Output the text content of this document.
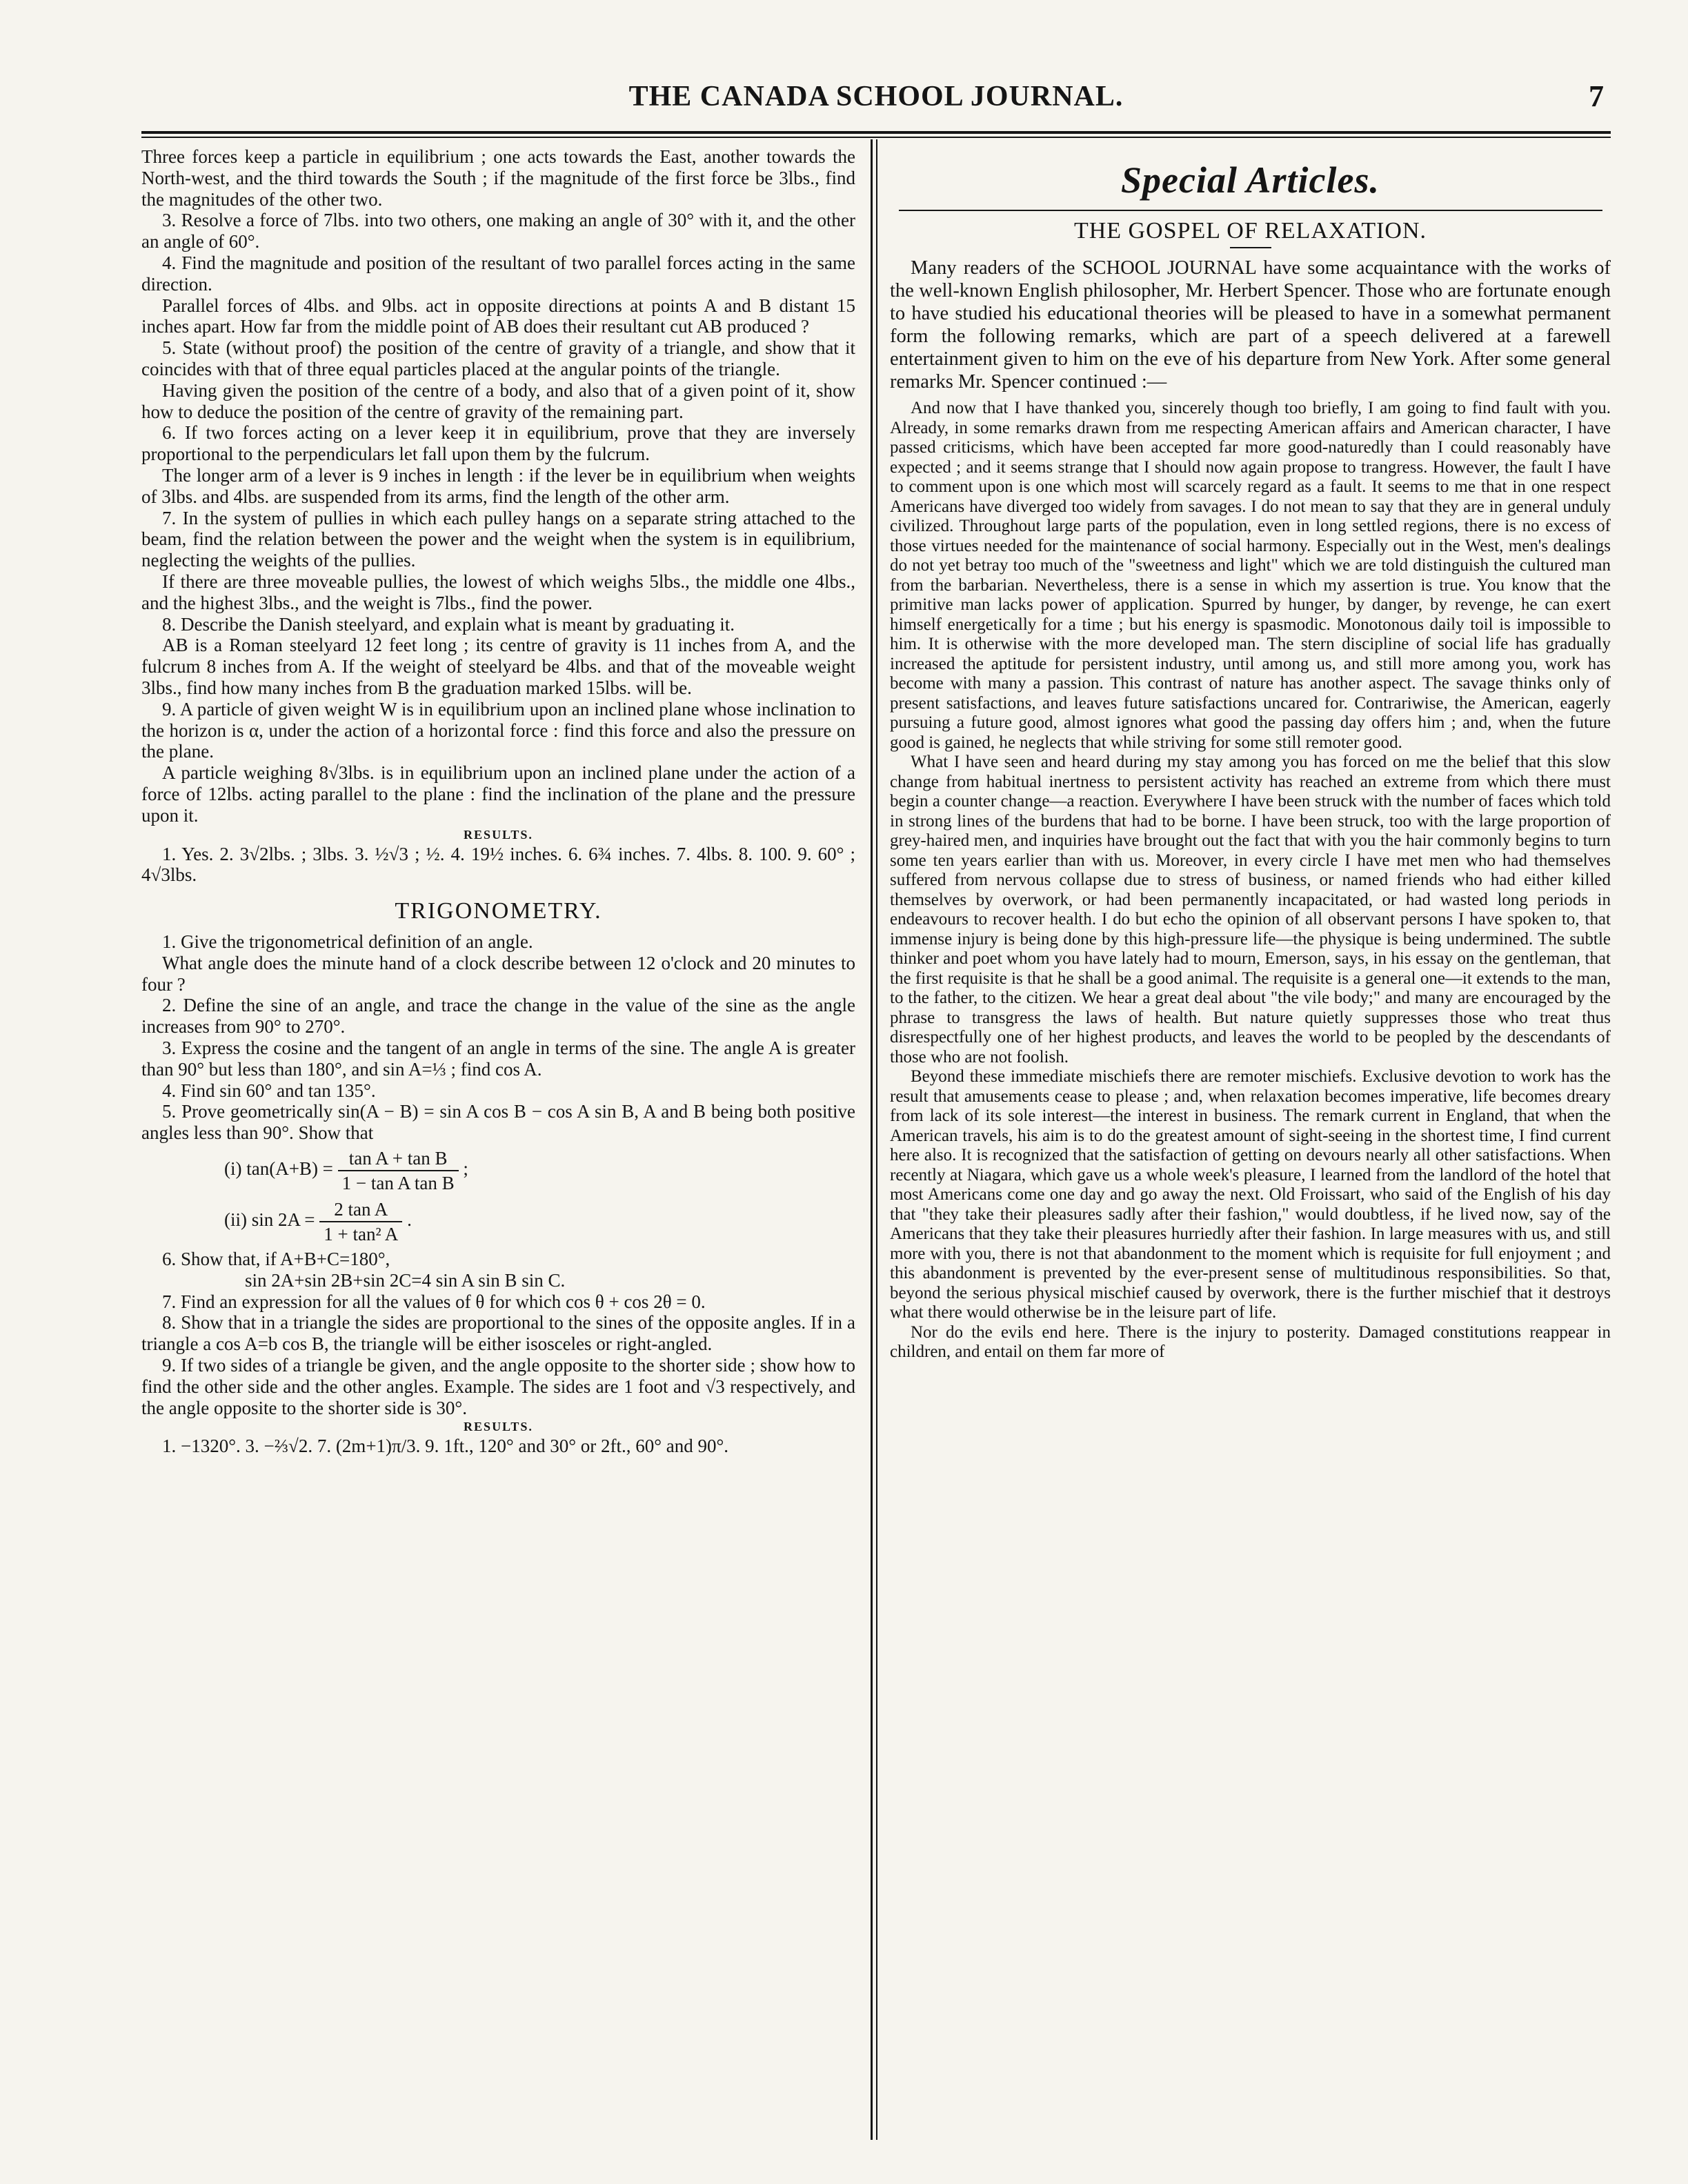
THE CANADA SCHOOL JOURNAL.	7

Three forces keep a particle in equilibrium ; one acts towards the East, another towards the North-west, and the third towards the South ; if the magnitude of the first force be 3lbs., find the magnitudes of the other two.

3. Resolve a force of 7lbs. into two others, one making an angle of 30° with it, and the other an angle of 60°.

4. Find the magnitude and position of the resultant of two parallel forces acting in the same direction.

Parallel forces of 4lbs. and 9lbs. act in opposite directions at points A and B distant 15 inches apart. How far from the middle point of AB does their resultant cut AB produced ?

5. State (without proof) the position of the centre of gravity of a triangle, and show that it coincides with that of three equal particles placed at the angular points of the triangle.

Having given the position of the centre of a body, and also that of a given point of it, show how to deduce the position of the centre of gravity of the remaining part.

6. If two forces acting on a lever keep it in equilibrium, prove that they are inversely proportional to the perpendiculars let fall upon them by the fulcrum.

The longer arm of a lever is 9 inches in length : if the lever be in equilibrium when weights of 3lbs. and 4lbs. are suspended from its arms, find the length of the other arm.

7. In the system of pullies in which each pulley hangs on a separate string attached to the beam, find the relation between the power and the weight when the system is in equilibrium, neglecting the weights of the pullies.

If there are three moveable pullies, the lowest of which weighs 5lbs., the middle one 4lbs., and the highest 3lbs., and the weight is 7lbs., find the power.

8. Describe the Danish steelyard, and explain what is meant by graduating it.

AB is a Roman steelyard 12 feet long ; its centre of gravity is 11 inches from A, and the fulcrum 8 inches from A. If the weight of steelyard be 4lbs. and that of the moveable weight 3lbs., find how many inches from B the graduation marked 15lbs. will be.

9. A particle of given weight W is in equilibrium upon an inclined plane whose inclination to the horizon is α, under the action of a horizontal force : find this force and also the pressure on the plane.

A particle weighing 8√3lbs. is in equilibrium upon an inclined plane under the action of a force of 12lbs. acting parallel to the plane : find the inclination of the plane and the pressure upon it.

RESULTS.

1. Yes. 2. 3√2lbs. ; 3lbs. 3. ½√3 ; ½. 4. 19½ inches. 6. 6¾ inches. 7. 4lbs. 8. 100. 9. 60° ; 4√3lbs.

TRIGONOMETRY.

1. Give the trigonometrical definition of an angle.

What angle does the minute hand of a clock describe between 12 o'clock and 20 minutes to four ?

2. Define the sine of an angle, and trace the change in the value of the sine as the angle increases from 90° to 270°.

3. Express the cosine and the tangent of an angle in terms of the sine. The angle A is greater than 90° but less than 180°, and sin A=⅓ ; find cos A.

4. Find sin 60° and tan 135°.

5. Prove geometrically sin(A − B) = sin A cos B − cos A sin B, A and B being both positive angles less than 90°. Show that

(i) $\tan(A+B) = \frac{\text{tan A + tan B}}{\text{1 − tan A tan B}}$ ;
(ii) $\sin 2A = \frac{\text{2 tan A}}{\text{1 + tan² A}}$ .

6. Show that, if A+B+C=180°,

sin 2A+sin 2B+sin 2C=4 sin A sin B sin C.

7. Find an expression for all the values of θ for which cos θ + cos 2θ = 0.

8. Show that in a triangle the sides are proportional to the sines of the opposite angles. If in a triangle a cos A=b cos B, the triangle will be either isosceles or right-angled.

9. If two sides of a triangle be given, and the angle opposite to the shorter side ; show how to find the other side and the other angles. Example. The sides are 1 foot and √3 respectively, and the angle opposite to the shorter side is 30°.

RESULTS.

1. −1320°. 3. −⅔√2. 7. (2m+1)π/3. 9. 1ft., 120° and 30° or 2ft., 60° and 90°.

Special Articles.
THE GOSPEL OF RELAXATION.

Many readers of the SCHOOL JOURNAL have some acquaintance with the works of the well-known English philosopher, Mr. Herbert Spencer. Those who are fortunate enough to have studied his educational theories will be pleased to have in a somewhat permanent form the following remarks, which are part of a speech delivered at a farewell entertainment given to him on the eve of his departure from New York. After some general remarks Mr. Spencer continued :—

And now that I have thanked you, sincerely though too briefly, I am going to find fault with you. Already, in some remarks drawn from me respecting American affairs and American character, I have passed criticisms, which have been accepted far more good-naturedly than I could reasonably have expected ; and it seems strange that I should now again propose to trangress. However, the fault I have to comment upon is one which most will scarcely regard as a fault. It seems to me that in one respect Americans have diverged too widely from savages. I do not mean to say that they are in general unduly civilized. Throughout large parts of the population, even in long settled regions, there is no excess of those virtues needed for the maintenance of social harmony. Especially out in the West, men's dealings do not yet betray too much of the "sweetness and light" which we are told distinguish the cultured man from the barbarian. Nevertheless, there is a sense in which my assertion is true. You know that the primitive man lacks power of application. Spurred by hunger, by danger, by revenge, he can exert himself energetically for a time ; but his energy is spasmodic. Monotonous daily toil is impossible to him. It is otherwise with the more developed man. The stern discipline of social life has gradually increased the aptitude for persistent industry, until among us, and still more among you, work has become with many a passion. This contrast of nature has another aspect. The savage thinks only of present satisfactions, and leaves future satisfactions uncared for. Contrariwise, the American, eagerly pursuing a future good, almost ignores what good the passing day offers him ; and, when the future good is gained, he neglects that while striving for some still remoter good.

What I have seen and heard during my stay among you has forced on me the belief that this slow change from habitual inertness to persistent activity has reached an extreme from which there must begin a counter change—a reaction. Everywhere I have been struck with the number of faces which told in strong lines of the burdens that had to be borne. I have been struck, too with the large proportion of grey-haired men, and inquiries have brought out the fact that with you the hair commonly begins to turn some ten years earlier than with us. Moreover, in every circle I have met men who had themselves suffered from nervous collapse due to stress of business, or named friends who had either killed themselves by overwork, or had been permanently incapacitated, or had wasted long periods in endeavours to recover health. I do but echo the opinion of all observant persons I have spoken to, that immense injury is being done by this high-pressure life—the physique is being undermined. The subtle thinker and poet whom you have lately had to mourn, Emerson, says, in his essay on the gentleman, that the first requisite is that he shall be a good animal. The requisite is a general one—it extends to the man, to the father, to the citizen. We hear a great deal about "the vile body;" and many are encouraged by the phrase to transgress the laws of health. But nature quietly suppresses those who treat thus disrespectfully one of her highest products, and leaves the world to be peopled by the descendants of those who are not foolish.

Beyond these immediate mischiefs there are remoter mischiefs. Exclusive devotion to work has the result that amusements cease to please ; and, when relaxation becomes imperative, life becomes dreary from lack of its sole interest—the interest in business. The remark current in England, that when the American travels, his aim is to do the greatest amount of sight-seeing in the shortest time, I find current here also. It is recognized that the satisfaction of getting on devours nearly all other satisfactions. When recently at Niagara, which gave us a whole week's pleasure, I learned from the landlord of the hotel that most Americans come one day and go away the next. Old Froissart, who said of the English of his day that "they take their pleasures sadly after their fashion," would doubtless, if he lived now, say of the Americans that they take their pleasures hurriedly after their fashion. In large measures with us, and still more with you, there is not that abandonment to the moment which is requisite for full enjoyment ; and this abandonment is prevented by the ever-present sense of multitudinous responsibilities. So that, beyond the serious physical mischief caused by overwork, there is the further mischief that it destroys what there would otherwise be in the leisure part of life.

Nor do the evils end here. There is the injury to posterity. Damaged constitutions reappear in children, and entail on them far more of
